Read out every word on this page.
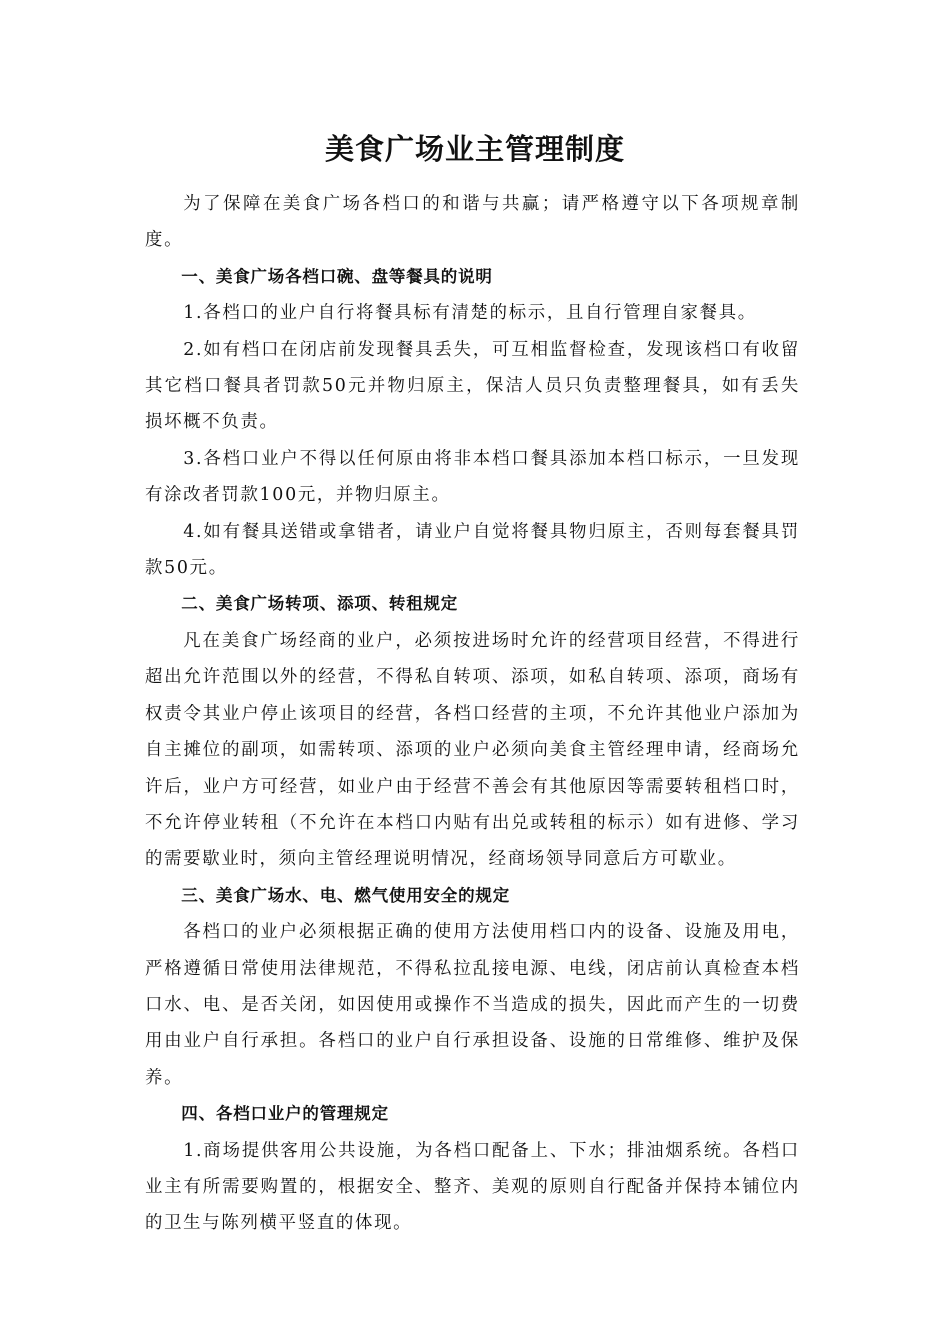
美食广场业主管理制度

为了保障在美食广场各档口的和谐与共赢；请严格遵守以下各项规章制度。

一、美食广场各档口碗、盘等餐具的说明

1.各档口的业户自行将餐具标有清楚的标示，且自行管理自家餐具。

2.如有档口在闭店前发现餐具丢失，可互相监督检查，发现该档口有收留其它档口餐具者罚款50元并物归原主，保洁人员只负责整理餐具，如有丢失损坏概不负责。

3.各档口业户不得以任何原由将非本档口餐具添加本档口标示，一旦发现有涂改者罚款100元，并物归原主。

4.如有餐具送错或拿错者，请业户自觉将餐具物归原主，否则每套餐具罚款50元。

二、美食广场转项、添项、转租规定

凡在美食广场经商的业户，必须按进场时允许的经营项目经营，不得进行超出允许范围以外的经营，不得私自转项、添项，如私自转项、添项，商场有权责令其业户停止该项目的经营，各档口经营的主项，不允许其他业户添加为自主摊位的副项，如需转项、添项的业户必须向美食主管经理申请，经商场允许后，业户方可经营，如业户由于经营不善会有其他原因等需要转租档口时，不允许停业转租（不允许在本档口内贴有出兑或转租的标示）如有进修、学习的需要歇业时，须向主管经理说明情况，经商场领导同意后方可歇业。

三、美食广场水、电、燃气使用安全的规定

各档口的业户必须根据正确的使用方法使用档口内的设备、设施及用电，严格遵循日常使用法律规范，不得私拉乱接电源、电线，闭店前认真检查本档口水、电、是否关闭，如因使用或操作不当造成的损失，因此而产生的一切费用由业户自行承担。各档口的业户自行承担设备、设施的日常维修、维护及保养。

四、各档口业户的管理规定

1.商场提供客用公共设施，为各档口配备上、下水；排油烟系统。各档口业主有所需要购置的，根据安全、整齐、美观的原则自行配备并保持本铺位内的卫生与陈列横平竖直的体现。
